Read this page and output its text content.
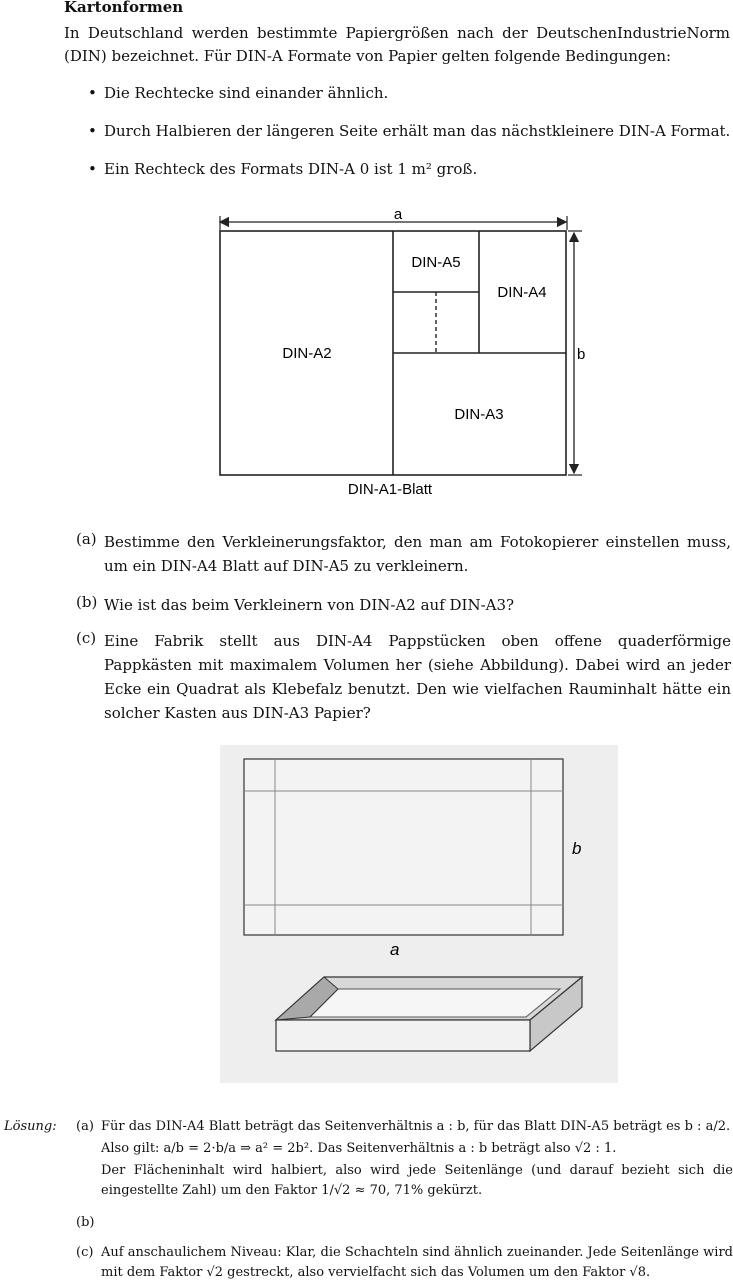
Kartonformen
In Deutschland werden bestimmte Papiergrößen nach der DeutschenIndustrieNorm (DIN) bezeichnet. Für DIN-A Formate von Papier gelten folgende Bedingungen:
• Die Rechtecke sind einander ähnlich.
• Durch Halbieren der längeren Seite erhält man das nächstkleinere DIN-A Format.
• Ein Rechteck des Formats DIN-A 0 ist 1 m² groß.
a
b
DIN-A2
DIN-A3
DIN-A4
DIN-A5
DIN-A1-Blatt
(a) Bestimme den Verkleinerungsfaktor, den man am Fotokopierer einstellen muss, um ein DIN-A4 Blatt auf DIN-A5 zu verkleinern.
(b) Wie ist das beim Verkleinern von DIN-A2 auf DIN-A3?
(c) Eine Fabrik stellt aus DIN-A4 Pappstücken oben offene quaderförmige Pappkästen mit maximalem Volumen her (siehe Abbildung). Dabei wird an jeder Ecke ein Quadrat als Klebefalz benutzt. Den wie vielfachen Rauminhalt hätte ein solcher Kasten aus DIN-A3 Papier?
b
a
Lösung: (a) Für das DIN-A4 Blatt beträgt das Seitenverhältnis a : b, für das Blatt DIN-A5 beträgt es b : a/2.
Also gilt: a/b = 2·b/a ⇒ a² = 2b². Das Seitenverhältnis a : b beträgt also √2 : 1.
Der Flächeninhalt wird halbiert, also wird jede Seitenlänge (und darauf bezieht sich die eingestellte Zahl) um den Faktor 1/√2 ≈ 70, 71% gekürzt.
(b)
(c) Auf anschaulichem Niveau: Klar, die Schachteln sind ähnlich zueinander. Jede Seitenlänge wird mit dem Faktor √2 gestreckt, also vervielfacht sich das Volumen um den Faktor √8.
